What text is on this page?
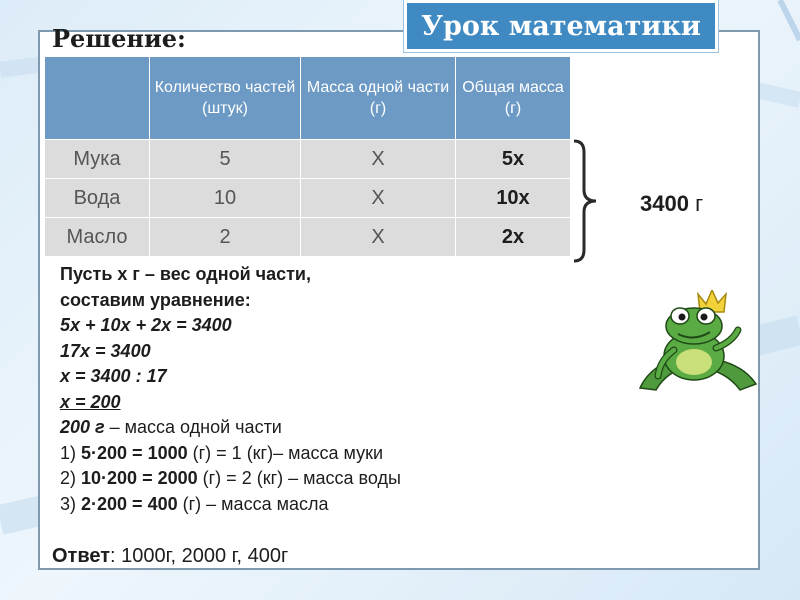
Решение:	Урок математики
	Количество частей (штук)	Масса одной части (г)	Общая масса (г)
Мука	5	Х	5х
Вода	10	Х	10х
Масло	2	Х	2х
3400 г
Пусть х г – вес одной части,
составим уравнение:
5х + 10х + 2х = 3400
17х = 3400
х = 3400 : 17
х = 200
200 г – масса одной части
1) 5·200 = 1000 (г) = 1 (кг)– масса муки
2) 10·200 = 2000 (г) = 2 (кг) – масса воды
3) 2·200 = 400 (г) – масса масла
Ответ: 1000г, 2000 г, 400г
